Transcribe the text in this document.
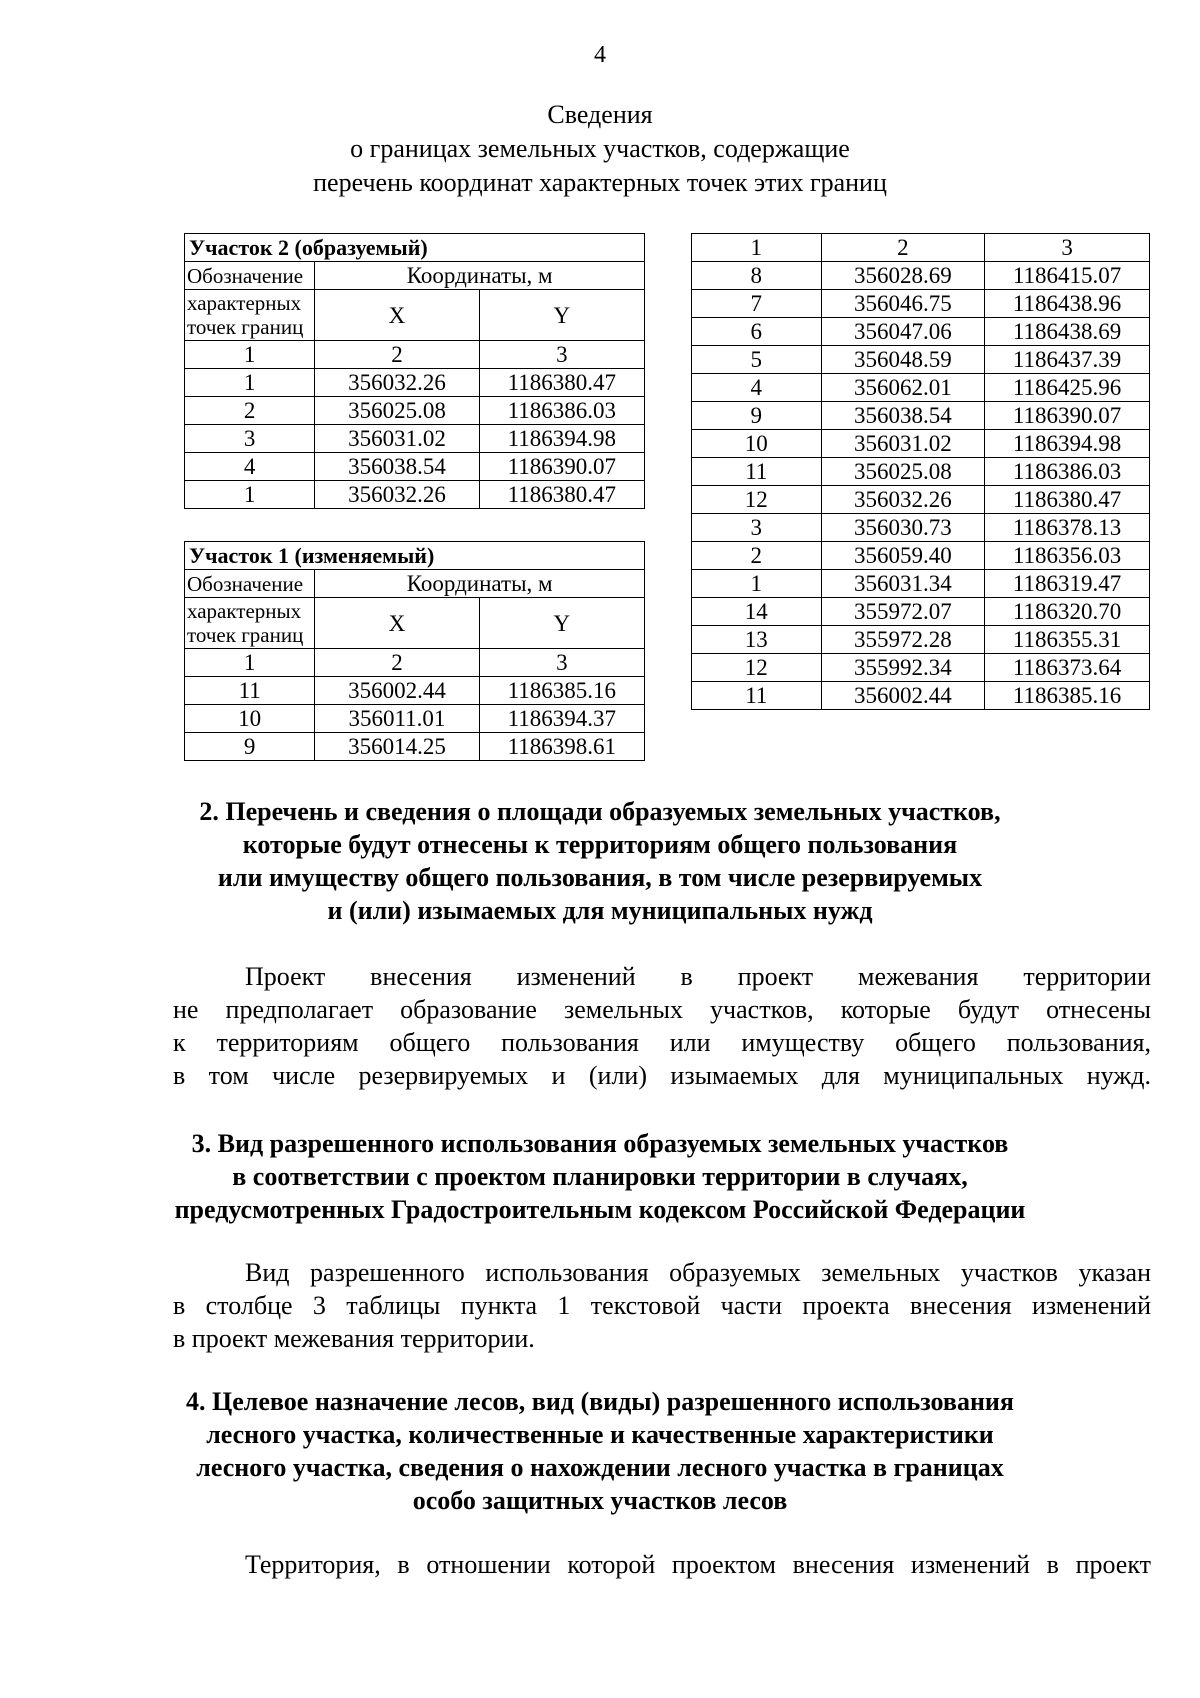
4
Сведения
о границах земельных участков, содержащие
перечень координат характерных точек этих границ
Участок 2 (образуемый)		
Обозначение	Координаты, м	

характерных
точек границ	X	Y
1	2	3
1	356032.26	1186380.47
2	356025.08	1186386.03
3	356031.02	1186394.98
4	356038.54	1186390.07
1	356032.26	1186380.47
Участок 1 (изменяемый)		
Обозначение	Координаты, м	

характерных
точек границ	X	Y
1	2	3
11	356002.44	1186385.16
10	356011.01	1186394.37
9	356014.25	1186398.61
1	2	3
8	356028.69	1186415.07
7	356046.75	1186438.96
6	356047.06	1186438.69
5	356048.59	1186437.39
4	356062.01	1186425.96
9	356038.54	1186390.07
10	356031.02	1186394.98
11	356025.08	1186386.03
12	356032.26	1186380.47
3	356030.73	1186378.13
2	356059.40	1186356.03
1	356031.34	1186319.47
14	355972.07	1186320.70
13	355972.28	1186355.31
12	355992.34	1186373.64
11	356002.44	1186385.16
2. Перечень и сведения о площади образуемых земельных участков,
которые будут отнесены к территориям общего пользования
или имуществу общего пользования, в том числе резервируемых
и (или) изымаемых для муниципальных нужд
Проект внесения изменений в проект межевания территории
не предполагает образование земельных участков, которые будут отнесены
к территориям общего пользования или имуществу общего пользования,
в том числе резервируемых и (или) изымаемых для муниципальных нужд.
3. Вид разрешенного использования образуемых земельных участков
в соответствии с проектом планировки территории в случаях,
предусмотренных Градостроительным кодексом Российской Федерации
Вид разрешенного использования образуемых земельных участков указан
в столбце 3 таблицы пункта 1 текстовой части проекта внесения изменений
в проект межевания территории.
4. Целевое назначение лесов, вид (виды) разрешенного использования
лесного участка, количественные и качественные характеристики
лесного участка, сведения о нахождении лесного участка в границах
особо защитных участков лесов
Территория, в отношении которой проектом внесения изменений в проект
